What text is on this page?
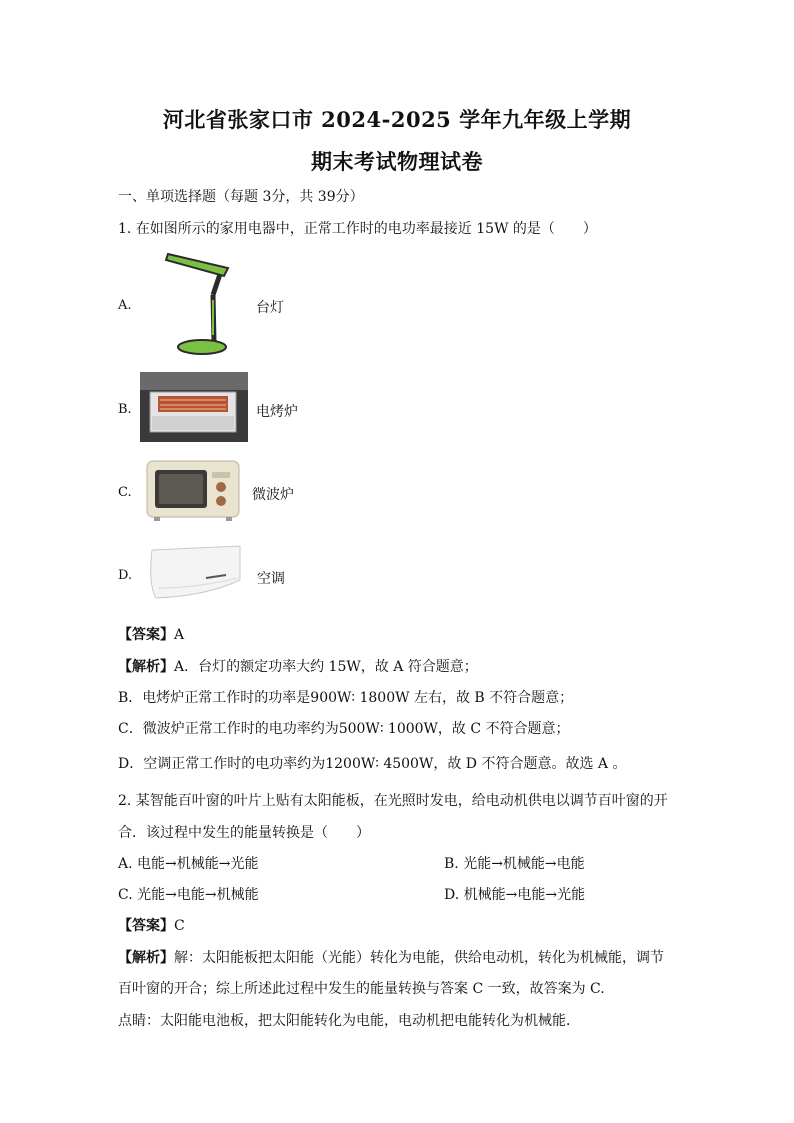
河北省张家口市 2024-2025 学年九年级上学期
期末考试物理试卷
一、单项选择题（每题 3分，共 39分）
1. 在如图所示的家用电器中，正常工作时的电功率最接近 15W 的是（　　）
A.	台灯
B.	电烤炉
C.	微波炉
D.	空调
【答案】A
【解析】A．台灯的额定功率大约 15W，故 A 符合题意；
B．电烤炉正常工作时的功率是900W∶ 1800W 左右，故 B 不符合题意；
C．微波炉正常工作时的电功率约为500W∶ 1000W，故 C 不符合题意；
D．空调正常工作时的电功率约为1200W∶ 4500W，故 D 不符合题意。故选 A 。
2. 某智能百叶窗的叶片上贴有太阳能板，在光照时发电，给电动机供电以调节百叶窗的开
合．该过程中发生的能量转换是（　　）
A. 电能→机械能→光能	B. 光能→机械能→电能
C. 光能→电能→机械能	D. 机械能→电能→光能
【答案】C
【解析】解：太阳能板把太阳能（光能）转化为电能，供给电动机，转化为机械能，调节
百叶窗的开合；综上所述此过程中发生的能量转换与答案 C 一致，故答案为 C.
点睛：太阳能电池板，把太阳能转化为电能，电动机把电能转化为机械能．
